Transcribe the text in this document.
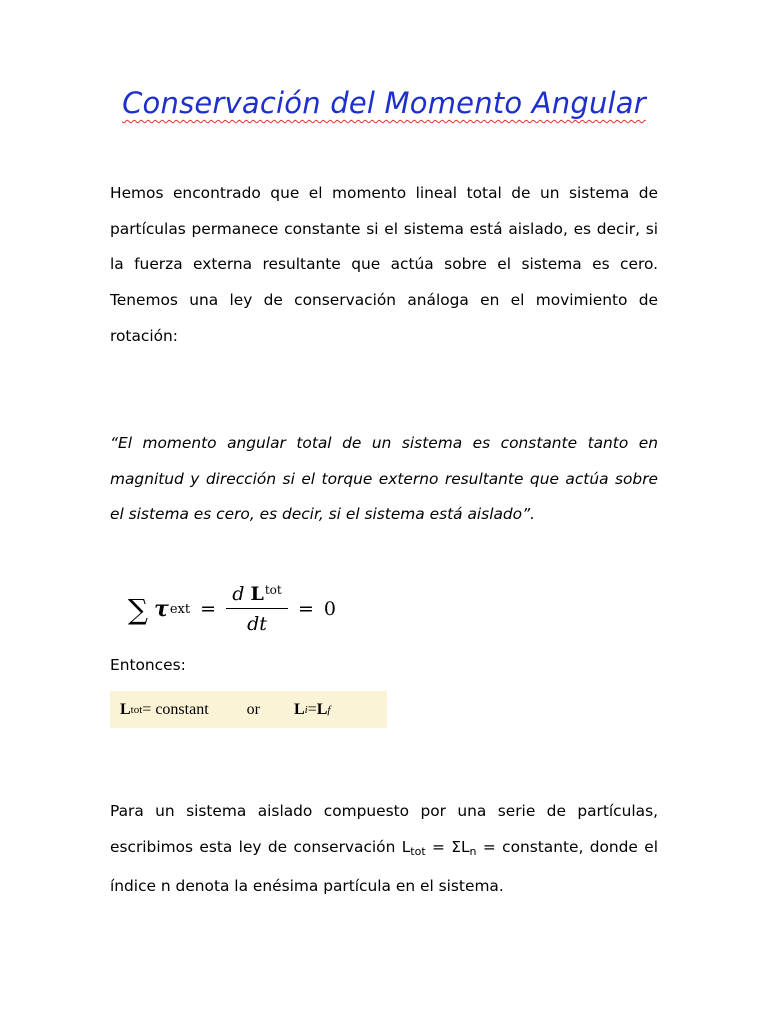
Conservación del Momento Angular

Hemos encontrado que el momento lineal total de un sistema de partículas permanece constante si el sistema está aislado, es decir, si la fuerza externa resultante que actúa sobre el sistema es cero. Tenemos una ley de conservación análoga en el movimiento de rotación:

“El momento angular total de un sistema es constante tanto en magnitud y dirección si el torque externo resultante que actúa sobre el sistema es cero, es decir, si el sistema está aislado”.

∑ τ ext = $\frac{d L^{tot}}{dt} = 0$
Entonces:
L tot = constant or L i = L f

Para un sistema aislado compuesto por una serie de partículas, escribimos esta ley de conservación $L_{tot} = \Sigma L_n$ = constante, donde el índice n denota la enésima partícula en el sistema.
